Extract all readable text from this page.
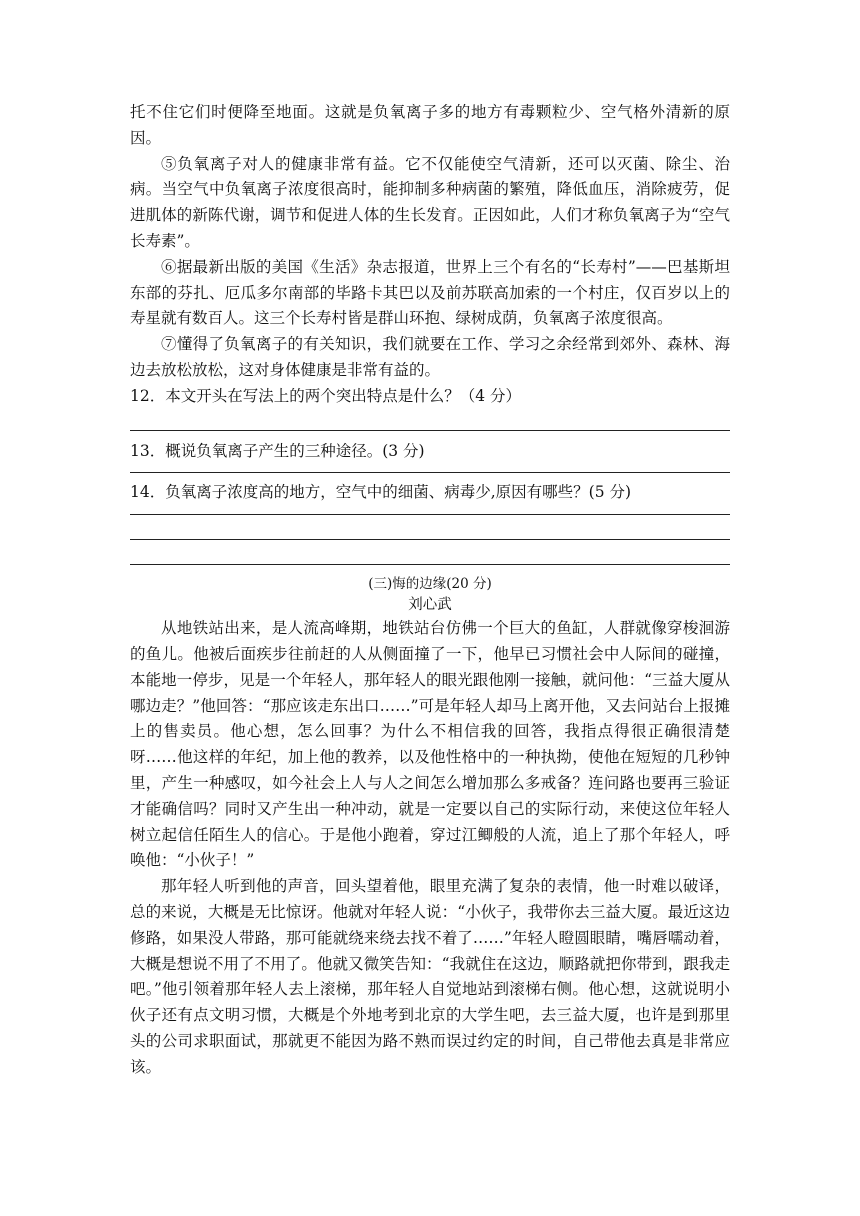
托不住它们时便降至地面。这就是负氧离子多的地方有毒颗粒少、空气格外清新的原因。

⑤负氧离子对人的健康非常有益。它不仅能使空气清新，还可以灭菌、除尘、治病。当空气中负氧离子浓度很高时，能抑制多种病菌的繁殖，降低血压，消除疲劳，促进肌体的新陈代谢，调节和促进人体的生长发育。正因如此，人们才称负氧离子为“空气长寿素”。

⑥据最新出版的美国《生活》杂志报道，世界上三个有名的“长寿村”——巴基斯坦东部的芬扎、厄瓜多尔南部的毕路卡其巴以及前苏联高加索的一个村庄，仅百岁以上的寿星就有数百人。这三个长寿村皆是群山环抱、绿树成荫，负氧离子浓度很高。

⑦懂得了负氧离子的有关知识，我们就要在工作、学习之余经常到郊外、森林、海边去放松放松，这对身体健康是非常有益的。

12．本文开头在写法上的两个突出特点是什么？（4 分）

13．概说负氧离子产生的三种途径。(3 分)

14．负氧离子浓度高的地方，空气中的细菌、病毒少,原因有哪些？(5 分)

(三)悔的边缘(20 分)

刘心武

从地铁站出来，是人流高峰期，地铁站台仿佛一个巨大的鱼缸，人群就像穿梭洄游的鱼儿。他被后面疾步往前赶的人从侧面撞了一下，他早已习惯社会中人际间的碰撞，本能地一停步，见是一个年轻人，那年轻人的眼光跟他刚一接触，就问他：“三益大厦从哪边走？”他回答：“那应该走东出口……”可是年轻人却马上离开他，又去问站台上报摊上的售卖员。他心想，怎么回事？为什么不相信我的回答，我指点得很正确很清楚呀……他这样的年纪，加上他的教养，以及他性格中的一种执拗，使他在短短的几秒钟里，产生一种感叹，如今社会上人与人之间怎么增加那么多戒备？连问路也要再三验证才能确信吗？同时又产生出一种冲动，就是一定要以自己的实际行动，来使这位年轻人树立起信任陌生人的信心。于是他小跑着，穿过江鲫般的人流，追上了那个年轻人，呼唤他：“小伙子！”

那年轻人听到他的声音，回头望着他，眼里充满了复杂的表情，他一时难以破译，总的来说，大概是无比惊讶。他就对年轻人说：“小伙子，我带你去三益大厦。最近这边修路，如果没人带路，那可能就绕来绕去找不着了……”年轻人瞪圆眼睛，嘴唇嚅动着，大概是想说不用了不用了。他就又微笑告知：“我就住在这边，顺路就把你带到，跟我走吧。”他引领着那年轻人去上滚梯，那年轻人自觉地站到滚梯右侧。他心想，这就说明小伙子还有点文明习惯，大概是个外地考到北京的大学生吧，去三益大厦，也许是到那里头的公司求职面试，那就更不能因为路不熟而误过约定的时间，自己带他去真是非常应该。
